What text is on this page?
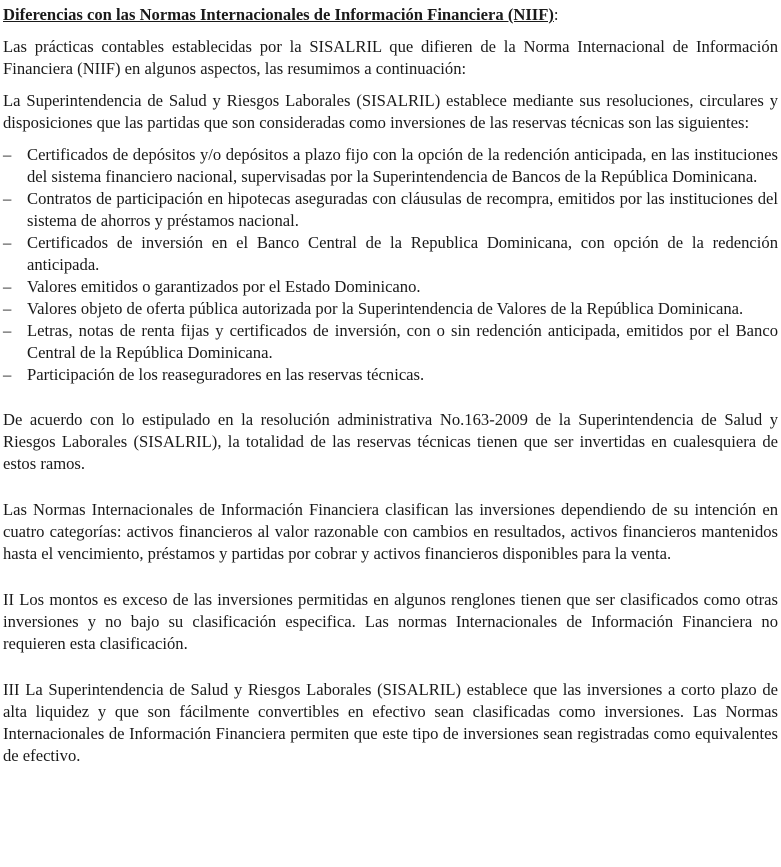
Diferencias con las Normas Internacionales de Información Financiera (NIIF):

Las prácticas contables establecidas por la SISALRIL que difieren de la Norma Internacional de Información Financiera (NIIF) en algunos aspectos, las resumimos a continuación:

La Superintendencia de Salud y Riesgos Laborales (SISALRIL) establece mediante sus resoluciones, circulares y disposiciones que las partidas que son consideradas como inversiones de las reservas técnicas son las siguientes:

– Certificados de depósitos y/o depósitos a plazo fijo con la opción de la redención anticipada, en las instituciones del sistema financiero nacional, supervisadas por la Superintendencia de Bancos de la República Dominicana.
– Contratos de participación en hipotecas aseguradas con cláusulas de recompra, emitidos por las instituciones del sistema de ahorros y préstamos nacional.
– Certificados de inversión en el Banco Central de la Republica Dominicana, con opción de la redención anticipada.
– Valores emitidos o garantizados por el Estado Dominicano.
– Valores objeto de oferta pública autorizada por la Superintendencia de Valores de la República Dominicana.
– Letras, notas de renta fijas y certificados de inversión, con o sin redención anticipada, emitidos por el Banco Central de la República Dominicana.
– Participación de los reaseguradores en las reservas técnicas.

De acuerdo con lo estipulado en la resolución administrativa No.163-2009 de la Superintendencia de Salud y Riesgos Laborales (SISALRIL), la totalidad de las reservas técnicas tienen que ser invertidas en cualesquiera de estos ramos.

Las Normas Internacionales de Información Financiera clasifican las inversiones dependiendo de su intención en cuatro categorías: activos financieros al valor razonable con cambios en resultados, activos financieros mantenidos hasta el vencimiento, préstamos y partidas por cobrar y activos financieros disponibles para la venta.

II Los montos es exceso de las inversiones permitidas en algunos renglones tienen que ser clasificados como otras inversiones y no bajo su clasificación especifica. Las normas Internacionales de Información Financiera no requieren esta clasificación.

III La Superintendencia de Salud y Riesgos Laborales (SISALRIL) establece que las inversiones a corto plazo de alta liquidez y que son fácilmente convertibles en efectivo sean clasificadas como inversiones. Las Normas Internacionales de Información Financiera permiten que este tipo de inversiones sean registradas como equivalentes de efectivo.
